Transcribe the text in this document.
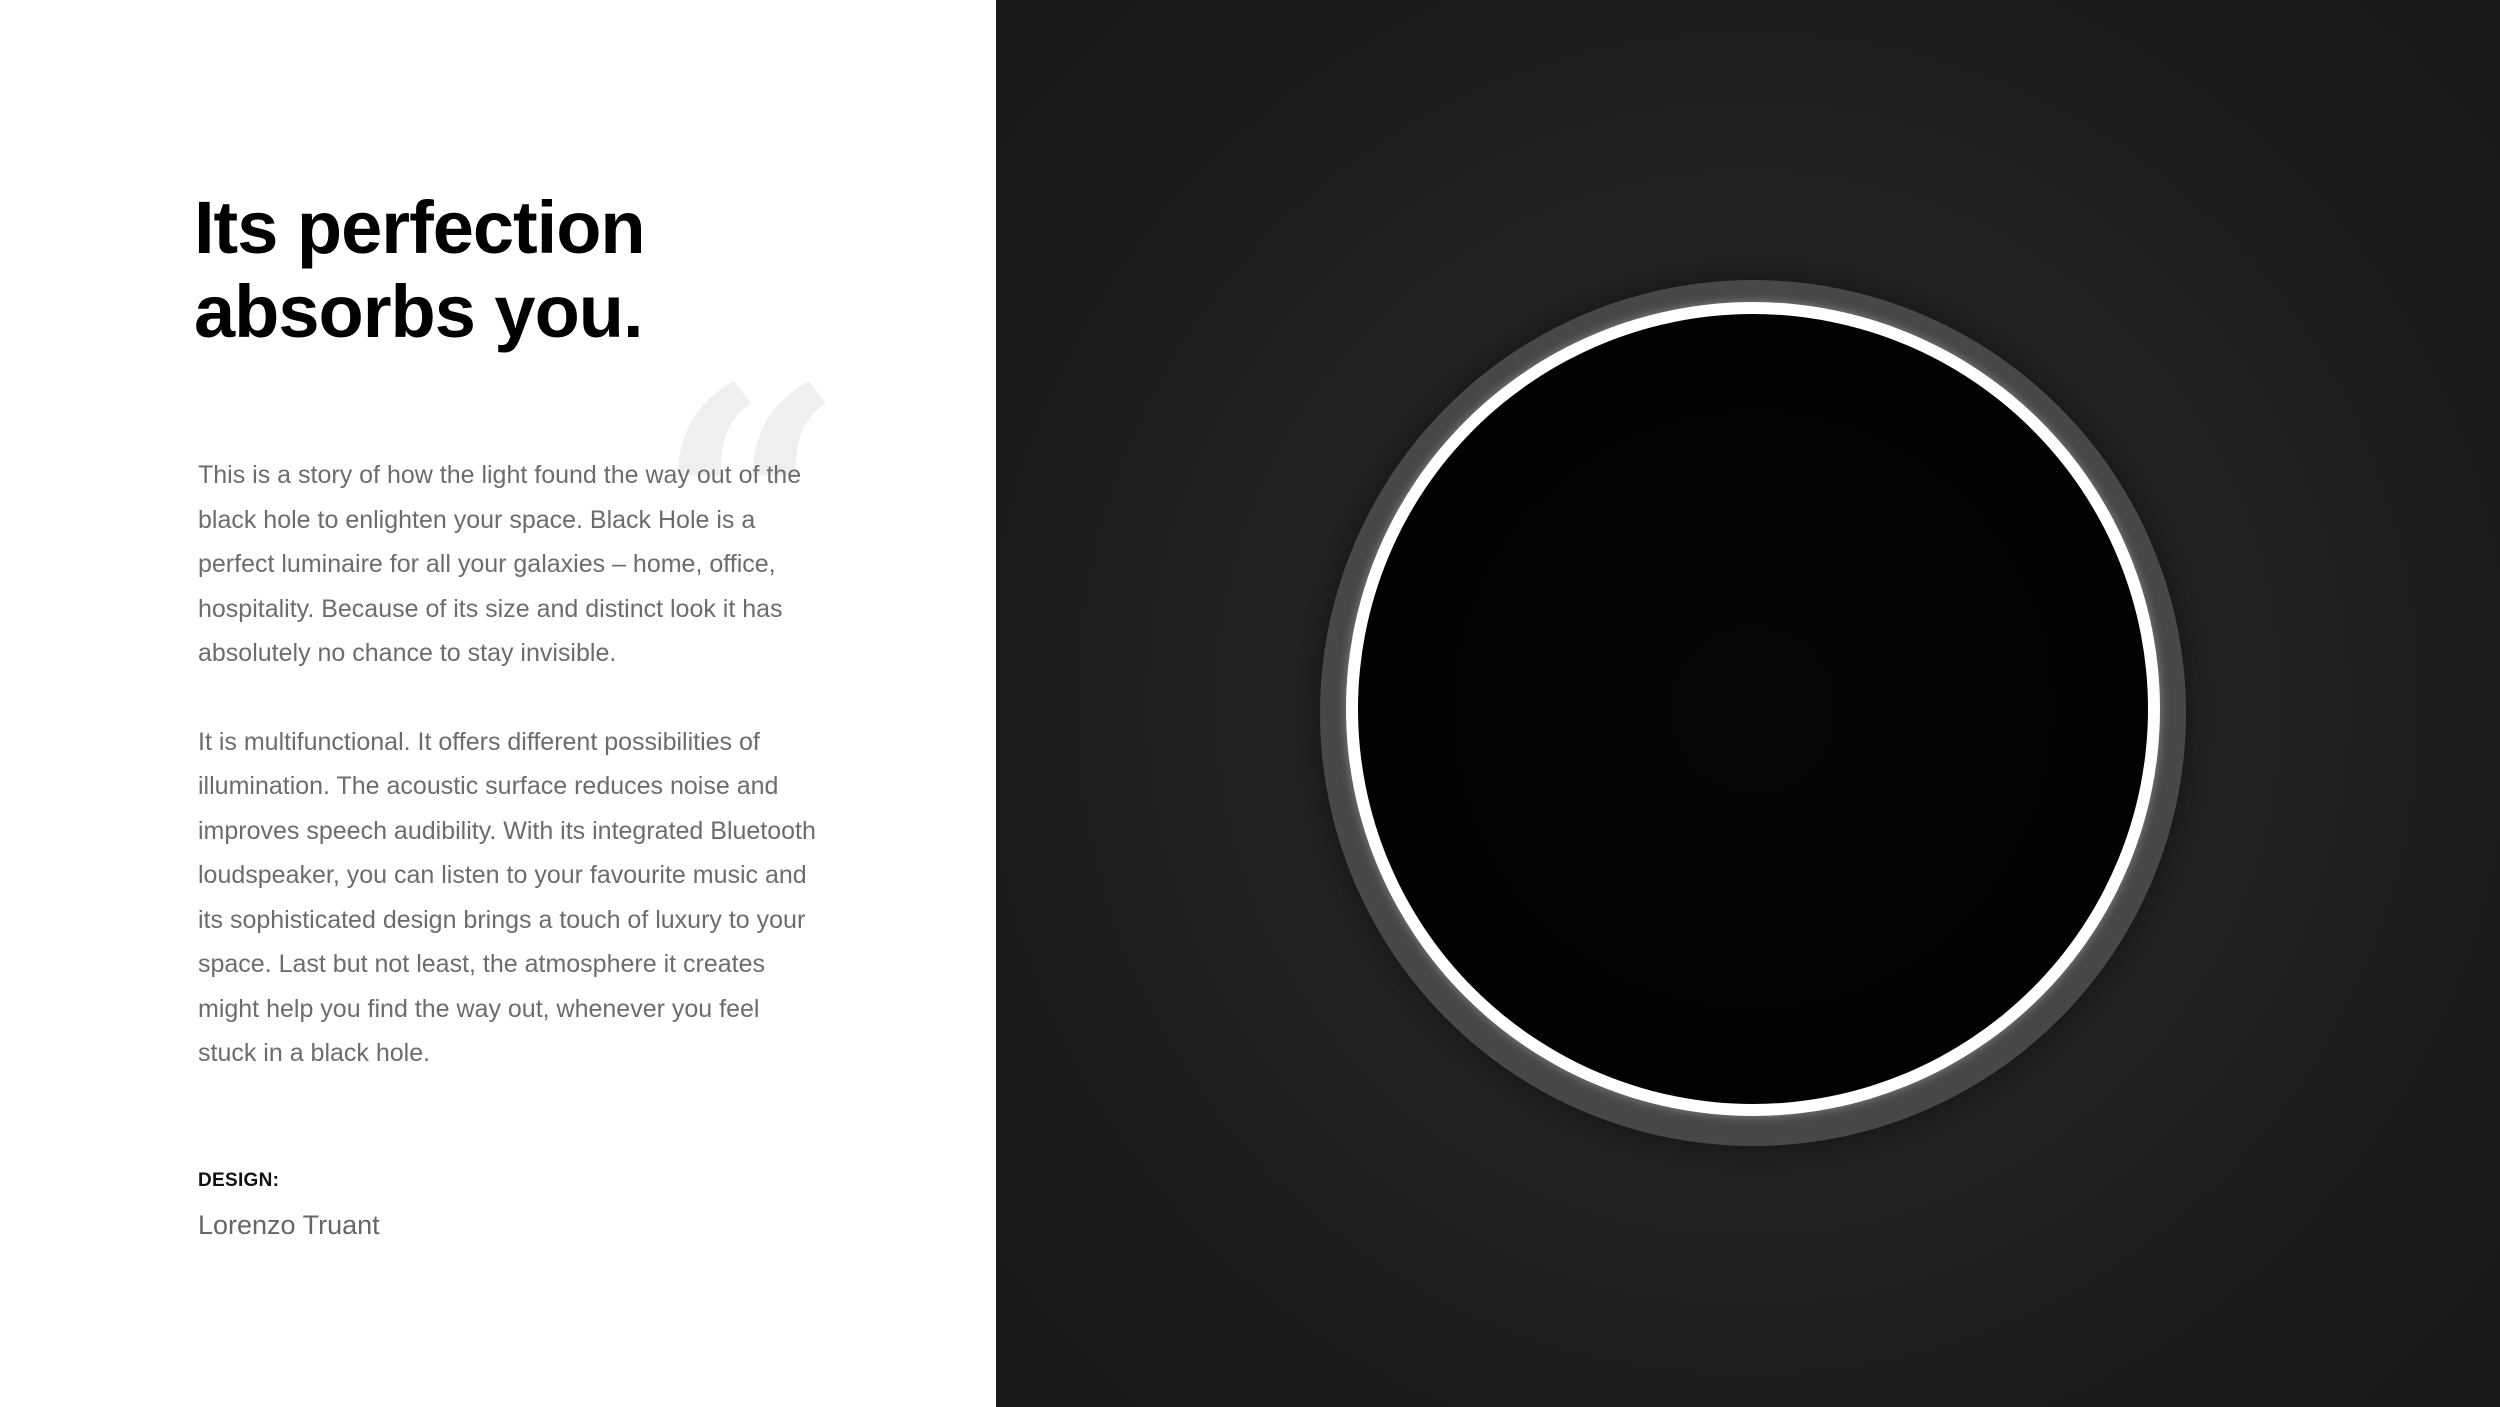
Its perfection
absorbs you.
“

This is a story of how the light found the way out of the black hole to enlighten your space. Black Hole is a perfect luminaire for all your galaxies – home, office, hospitality. Because of its size and distinct look it has absolutely no chance to stay invisible.

It is multifunctional. It offers different possibilities of illumination. The acoustic surface reduces noise and improves speech audibility. With its integrated Bluetooth loudspeaker, you can listen to your favourite music and its sophisticated design brings a touch of luxury to your space. Last but not least, the atmosphere it creates might help you find the way out, whenever you feel stuck in a black hole.

DESIGN:
Lorenzo Truant
